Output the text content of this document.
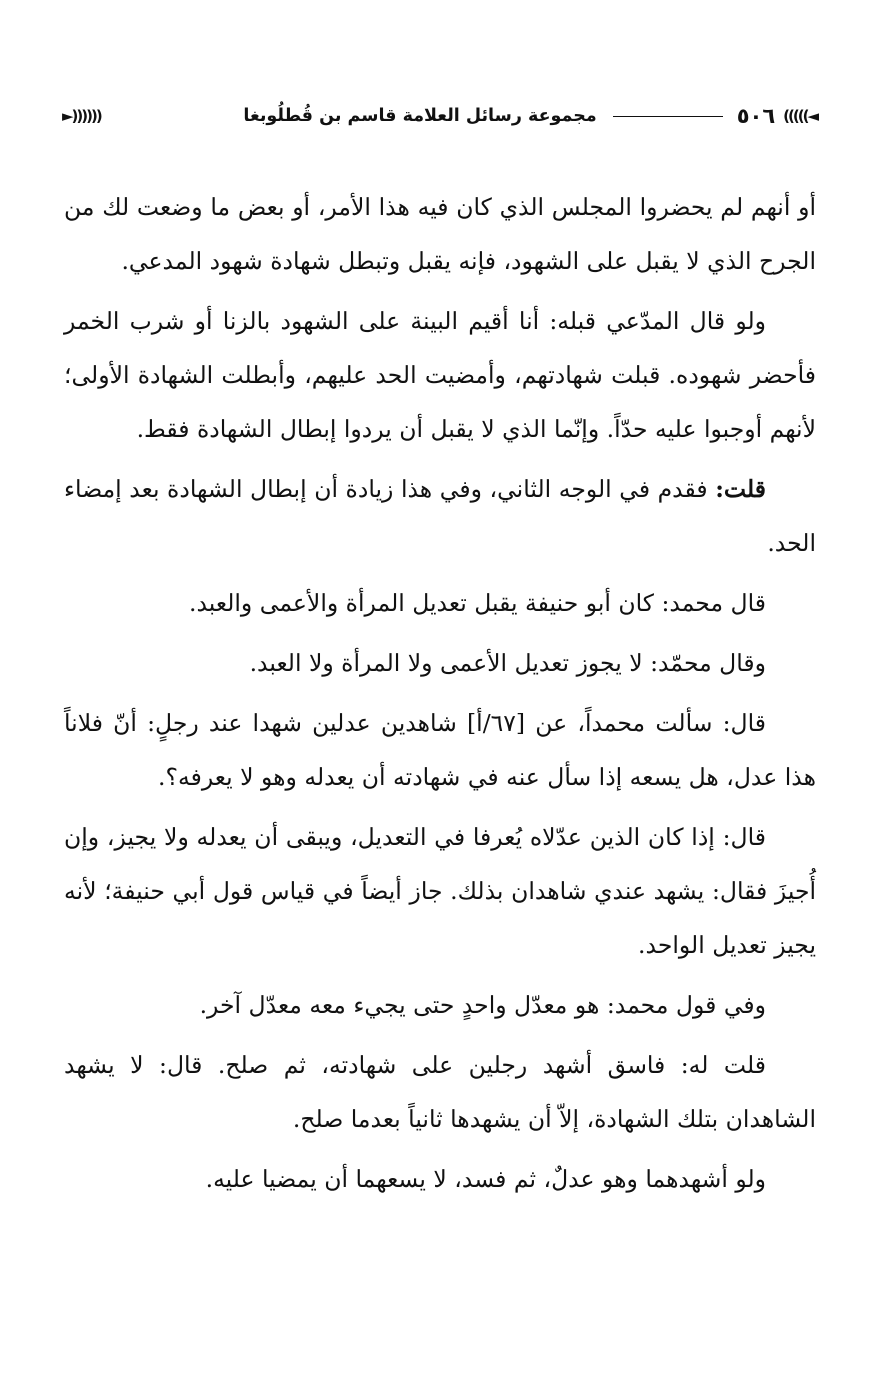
◄)))))
٥٠٦
مجموعة رسائل العلامة قاسم بن قُطلُوبغا
((((((►

أو أنهم لم يحضروا المجلس الذي كان فيه هذا الأمر، أو بعض ما وضعت لك من الجرح الذي لا يقبل على الشهود، فإنه يقبل وتبطل شهادة شهود المدعي.

ولو قال المدّعي قبله: أنا أقيم البينة على الشهود بالزنا أو شرب الخمر فأحضر شهوده. قبلت شهادتهم، وأمضيت الحد عليهم، وأبطلت الشهادة الأولى؛ لأنهم أوجبوا عليه حدّاً. وإنّما الذي لا يقبل أن يردوا إبطال الشهادة فقط.

قلت: فقدم في الوجه الثاني، وفي هذا زيادة أن إبطال الشهادة بعد إمضاء الحد.

قال محمد: كان أبو حنيفة يقبل تعديل المرأة والأعمى والعبد.

وقال محمّد: لا يجوز تعديل الأعمى ولا المرأة ولا العبد.

قال: سألت محمداً، عن [٦٧/أ] شاهدين عدلين شهدا عند رجلٍ: أنّ فلاناً هذا عدل، هل يسعه إذا سأل عنه في شهادته أن يعدله وهو لا يعرفه؟.

قال: إذا كان الذين عدّلاه يُعرفا في التعديل، ويبقى أن يعدله ولا يجيز، وإن أُجيزَ فقال: يشهد عندي شاهدان بذلك. جاز أيضاً في قياس قول أبي حنيفة؛ لأنه يجيز تعديل الواحد.

وفي قول محمد: هو معدّل واحدٍ حتى يجيء معه معدّل آخر.

قلت له: فاسق أشهد رجلين على شهادته، ثم صلح. قال: لا يشهد الشاهدان بتلك الشهادة، إلاّ أن يشهدها ثانياً بعدما صلح.

ولو أشهدهما وهو عدلٌ، ثم فسد، لا يسعهما أن يمضيا عليه.
